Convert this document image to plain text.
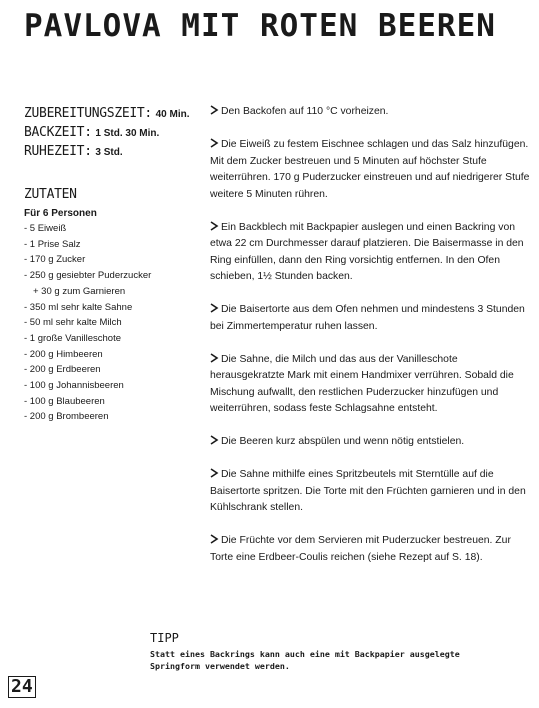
PAVLOVA MIT ROTEN BEEREN
ZUBEREITUNGSZEIT: 40 Min.
BACKZEIT: 1 Std. 30 Min.
RUHEZEIT: 3 Std.
ZUTATEN
Für 6 Personen
- 5 Eiweiß
- 1 Prise Salz
- 170 g Zucker
- 250 g gesiebter Puderzucker
+ 30 g zum Garnieren
- 350 ml sehr kalte Sahne
- 50 ml sehr kalte Milch
- 1 große Vanilleschote
- 200 g Himbeeren
- 200 g Erdbeeren
- 100 g Johannisbeeren
- 100 g Blaubeeren
- 200 g Brombeeren

Den Backofen auf 110 °C vorheizen.

Die Eiweiß zu festem Eischnee schlagen und das Salz hinzufügen. Mit dem Zucker bestreuen und 5 Minuten auf höchster Stufe weiterrühren. 170 g Puderzucker einstreuen und auf niedrigerer Stufe weitere 5 Minuten rühren.

Ein Backblech mit Backpapier auslegen und einen Backring von etwa 22 cm Durchmesser darauf platzieren. Die Baisermasse in den Ring einfüllen, dann den Ring vorsichtig entfernen. In den Ofen schieben, 1½ Stunden backen.

Die Baisertorte aus dem Ofen nehmen und mindestens 3 Stunden bei Zimmertemperatur ruhen lassen.

Die Sahne, die Milch und das aus der Vanilleschote herausgekratzte Mark mit einem Handmixer verrühren. Sobald die Mischung aufwallt, den restlichen Puderzucker hinzufügen und weiterrühren, sodass feste Schlagsahne entsteht.

Die Beeren kurz abspülen und wenn nötig entstielen.

Die Sahne mithilfe eines Spritzbeutels mit Sterntülle auf die Baisertorte spritzen. Die Torte mit den Früchten garnieren und in den Kühlschrank stellen.

Die Früchte vor dem Servieren mit Puderzucker bestreuen. Zur Torte eine Erdbeer-Coulis reichen (siehe Rezept auf S. 18).

TIPP
Statt eines Backrings kann auch eine mit Backpapier ausgelegte Springform verwendet werden.
24
